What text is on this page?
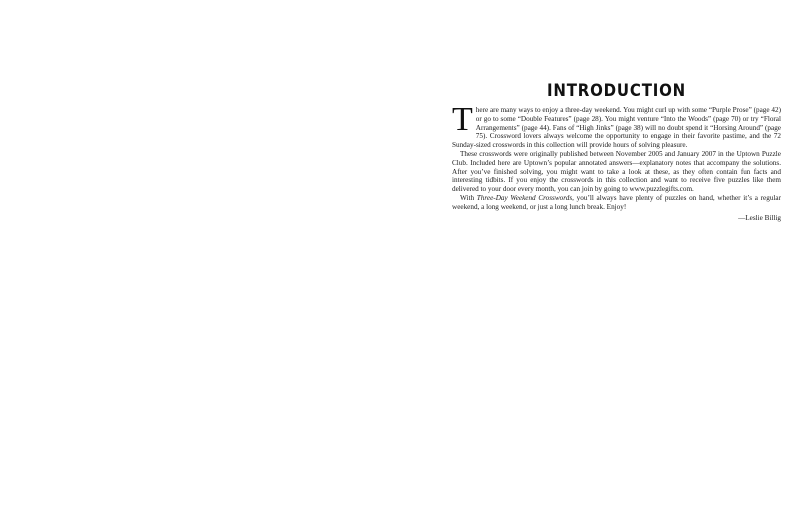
INTRODUCTION

There are many ways to enjoy a three-day weekend. You might curl up with some “Purple Prose” (page 42) or go to some “Double Features” (page 28). You might venture “Into the Woods” (page 70) or try “Floral Arrangements” (page 44). Fans of “High Jinks” (page 38) will no doubt spend it “Horsing Around” (page 75). Crossword lovers always welcome the opportunity to engage in their favorite pastime, and the 72 Sunday-sized crosswords in this collection will provide hours of solving pleasure.

These crosswords were originally published between November 2005 and January 2007 in the Uptown Puzzle Club. Included here are Uptown’s popular annotated answers—explanatory notes that accompany the solutions. After you’ve finished solving, you might want to take a look at these, as they often contain fun facts and interesting tidbits. If you enjoy the crosswords in this collection and want to receive five puzzles like them delivered to your door every month, you can join by going to www.puzzlegifts.com.

With Three-Day Weekend Crosswords, you’ll always have plenty of puzzles on hand, whether it’s a regular weekend, a long weekend, or just a long lunch break. Enjoy!

—Leslie Billig
